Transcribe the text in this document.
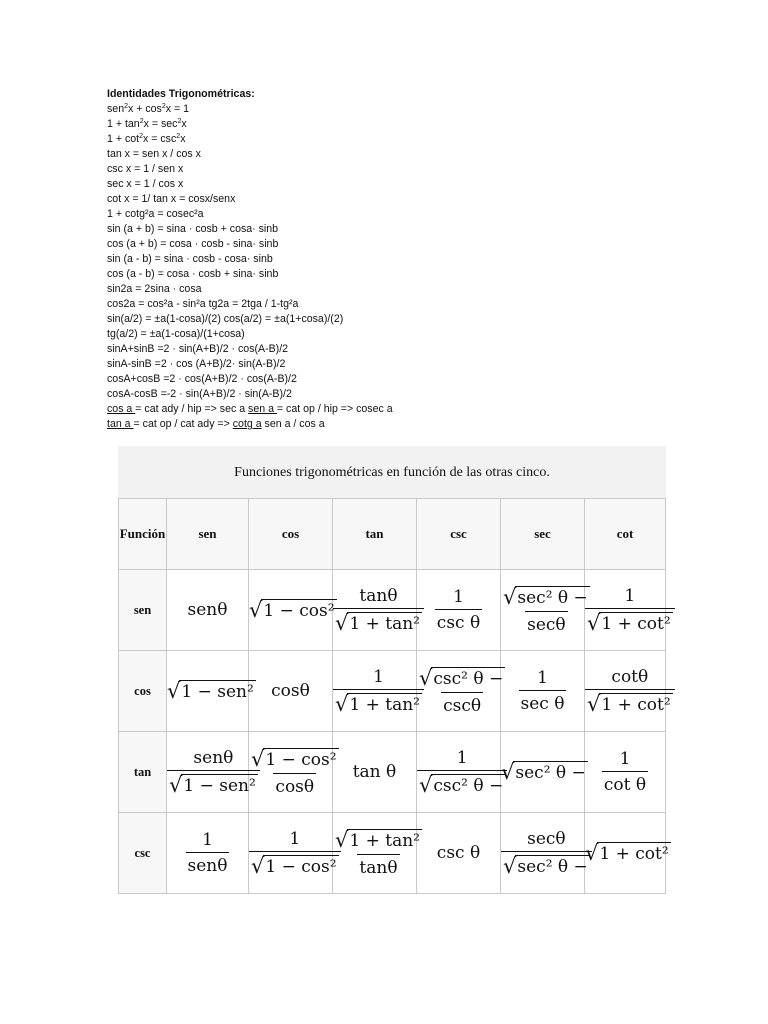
Identidades Trigonométricas:
$sen^2x + \cos^2x = 1$
$1 + \tan^2x = \sec^2x$
$1 + \cot^2x = \csc^2x$
tan x = sen x / cos x
csc x = 1 / sen x
sec x = 1 / cos x
cot x = 1/ tan x = cosx/senx
1 + cotg²a = cosec²a
sin (a + b) = sina · cosb + cosa· sinb
cos (a + b) = cosa · cosb - sina· sinb
sin (a - b) = sina · cosb - cosa· sinb
cos (a - b) = cosa · cosb + sina· sinb
sin2a = 2sina · cosa
cos2a = cos²a - sin²a tg2a = 2tga / 1-tg²a
sin(a/2) = ±a(1-cosa)/(2) cos(a/2) = ±a(1+cosa)/(2)
tg(a/2) = ±a(1-cosa)/(1+cosa)
sinA+sinB =2 · sin(A+B)/2 · cos(A-B)/2
sinA-sinB =2 · cos (A+B)/2· sin(A-B)/2
cosA+cosB =2 · cos(A+B)/2 · cos(A-B)/2
cosA-cosB =-2 · sin(A+B)/2 · sin(A-B)/2
cos a = cat ady / hip => sec a sen a = cat op / hip => cosec a
tan a = cat op / cat ady => cotg a sen a / cos a
Funciones trigonométricas en función de las otras cinco.						
Función	sen	cos	tan	csc	sec	cot
sen	senθ	√ 1 − cos²	$\frac{\tan\theta}{\text{√ 1 + tan²}}$	$\frac{1}{\text{csc θ}}$	$\frac{\text{√ sec² θ −}}{\sec\theta}$	$\frac{1}{\text{√ 1 + cot²}}$

cos	√ 1 − sen²	cosθ	$\frac{1}{\text{√ 1 + tan²}}$	$\frac{\text{√ csc² θ −}}{\csc\theta}$	$\frac{1}{\text{sec θ}}$	$\frac{\cot\theta}{\text{√ 1 + cot²}}$

tan	$\frac{\text{senθ}}{\text{√ 1 − sen²}}$	$\frac{\text{√ 1 − cos²}}{\cos\theta}$	tan θ	$\frac{1}{\text{√ csc² θ −}}$	√ sec² θ −	$\frac{1}{\text{cot θ}}$

csc	$\frac{1}{\text{senθ}}$	$\frac{1}{\text{√ 1 − cos²}}$	$\frac{\text{√ 1 + tan²}}{\tan\theta}$	csc θ	$\frac{\sec\theta}{\text{√ sec² θ −}}$	√ 1 + cot²
